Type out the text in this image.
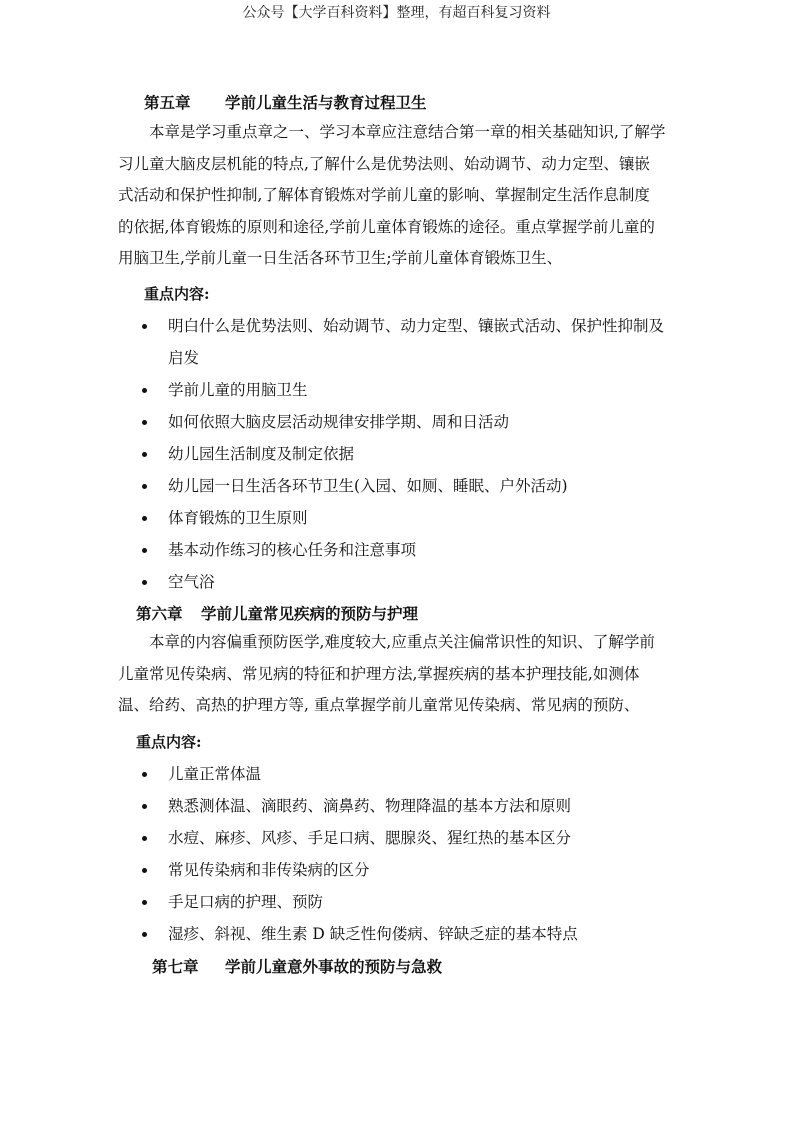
公众号【大学百科资料】整理，有超百科复习资料
第五章 学前儿童生活与教育过程卫生
本章是学习重点章之一、学习本章应注意结合第一章的相关基础知识,了解学
习儿童大脑皮层机能的特点,了解什么是优势法则、始动调节、动力定型、镶嵌
式活动和保护性抑制,了解体育锻炼对学前儿童的影响、掌握制定生活作息制度
的依据,体育锻炼的原则和途径,学前儿童体育锻炼的途径。重点掌握学前儿童的
用脑卫生,学前儿童一日生活各环节卫生;学前儿童体育锻炼卫生、
重点内容:
明白什么是优势法则、始动调节、动力定型、镶嵌式活动、保护性抑制及
启发
学前儿童的用脑卫生
如何依照大脑皮层活动规律安排学期、周和日活动
幼儿园生活制度及制定依据
幼儿园一日生活各环节卫生(入园、如厕、睡眠、户外活动)
体育锻炼的卫生原则
基本动作练习的核心任务和注意事项
空气浴
第六章 学前儿童常见疾病的预防与护理
本章的内容偏重预防医学,难度较大,应重点关注偏常识性的知识、了解学前
儿童常见传染病、常见病的特征和护理方法,掌握疾病的基本护理技能,如测体
温、给药、高热的护理方等, 重点掌握学前儿童常见传染病、常见病的预防、
重点内容:
儿童正常体温
熟悉测体温、滴眼药、滴鼻药、物理降温的基本方法和原则
水痘、麻疹、风疹、手足口病、腮腺炎、猩红热的基本区分
常见传染病和非传染病的区分
手足口病的护理、预防
湿疹、斜视、维生素 D 缺乏性佝偻病、锌缺乏症的基本特点
第七章 学前儿童意外事故的预防与急救
